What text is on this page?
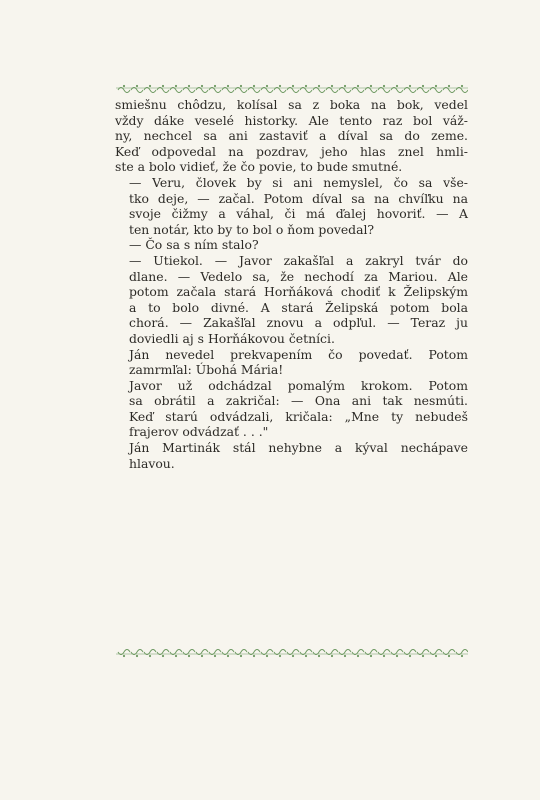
smiešnu chôdzu, kolísal sa z boka na bok, vedel
vždy dáke veselé historky. Ale tento raz bol váž-
ny, nechcel sa ani zastaviť a díval sa do zeme.
Keď odpovedal na pozdrav, jeho hlas znel hmli-
ste a bolo vidieť, že čo povie, to bude smutné.

— Veru, človek by si ani nemyslel, čo sa vše-
tko deje, — začal. Potom díval sa na chvíľku na
svoje čižmy a váhal, či má ďalej hovoriť. — A
ten notár, kto by to bol o ňom povedal?

— Čo sa s ním stalo?

— Utiekol. — Javor zakašľal a zakryl tvár do
dlane. — Vedelo sa, že nechodí za Mariou. Ale
potom začala stará Horňáková chodiť k Želipským
a to bolo divné. A stará Želipská potom bola
chorá. — Zakašľal znovu a odpľul. — Teraz ju
doviedli aj s Horňákovou četníci.

Ján nevedel prekvapením čo povedať. Potom
zamrmľal: Úbohá Mária!

Javor už odchádzal pomalým krokom. Potom
sa obrátil a zakričal: — Ona ani tak nesmúti.
Keď starú odvádzali, kričala: „Mne ty nebudeš
frajerov odvádzať . . ."

Ján Martinák stál nehybne a kýval nechápave
hlavou.
